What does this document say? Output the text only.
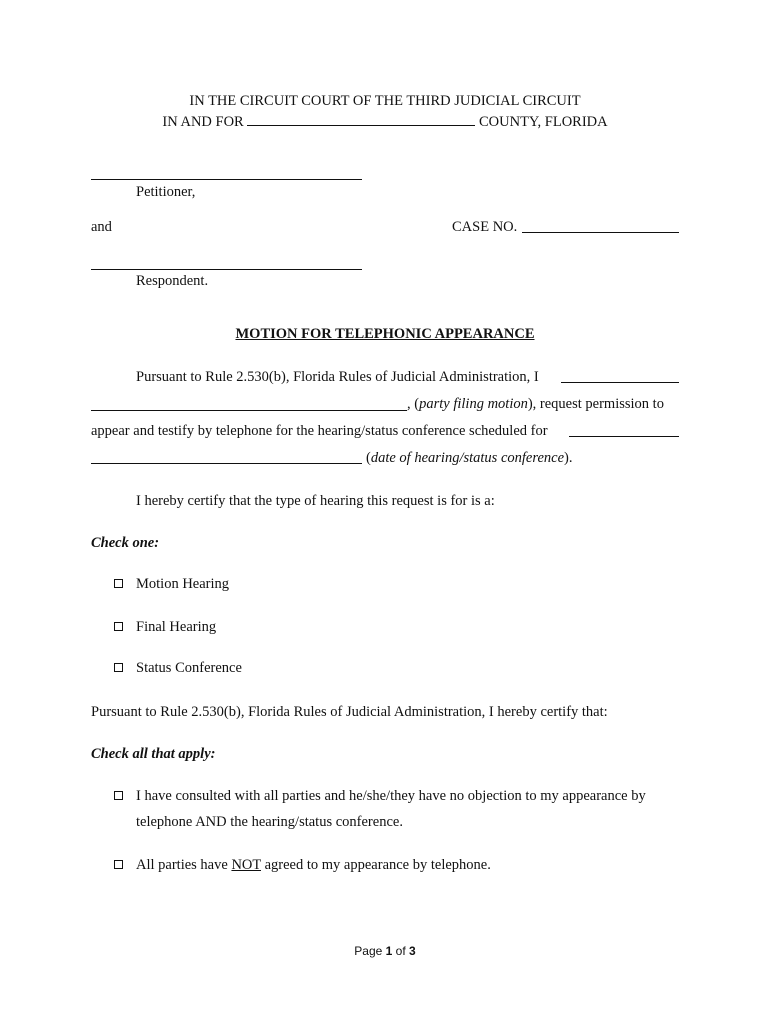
IN THE CIRCUIT COURT OF THE THIRD JUDICIAL CIRCUIT
IN AND FOR	COUNTY, FLORIDA
Petitioner,
and	CASE NO.
Respondent.
MOTION FOR TELEPHONIC APPEARANCE
Pursuant to Rule 2.530(b), Florida Rules of Judicial Administration, I
, (party filing motion), request permission to
appear and testify by telephone for the hearing/status conference scheduled for
(date of hearing/status conference).
I hereby certify that the type of hearing this request is for is a:
Check one:
Motion Hearing
Final Hearing
Status Conference
Pursuant to Rule 2.530(b), Florida Rules of Judicial Administration, I hereby certify that:
Check all that apply:
I have consulted with all parties and he/she/they have no objection to my appearance by
telephone AND the hearing/status conference.
All parties have NOT agreed to my appearance by telephone.
Page 1 of 3
